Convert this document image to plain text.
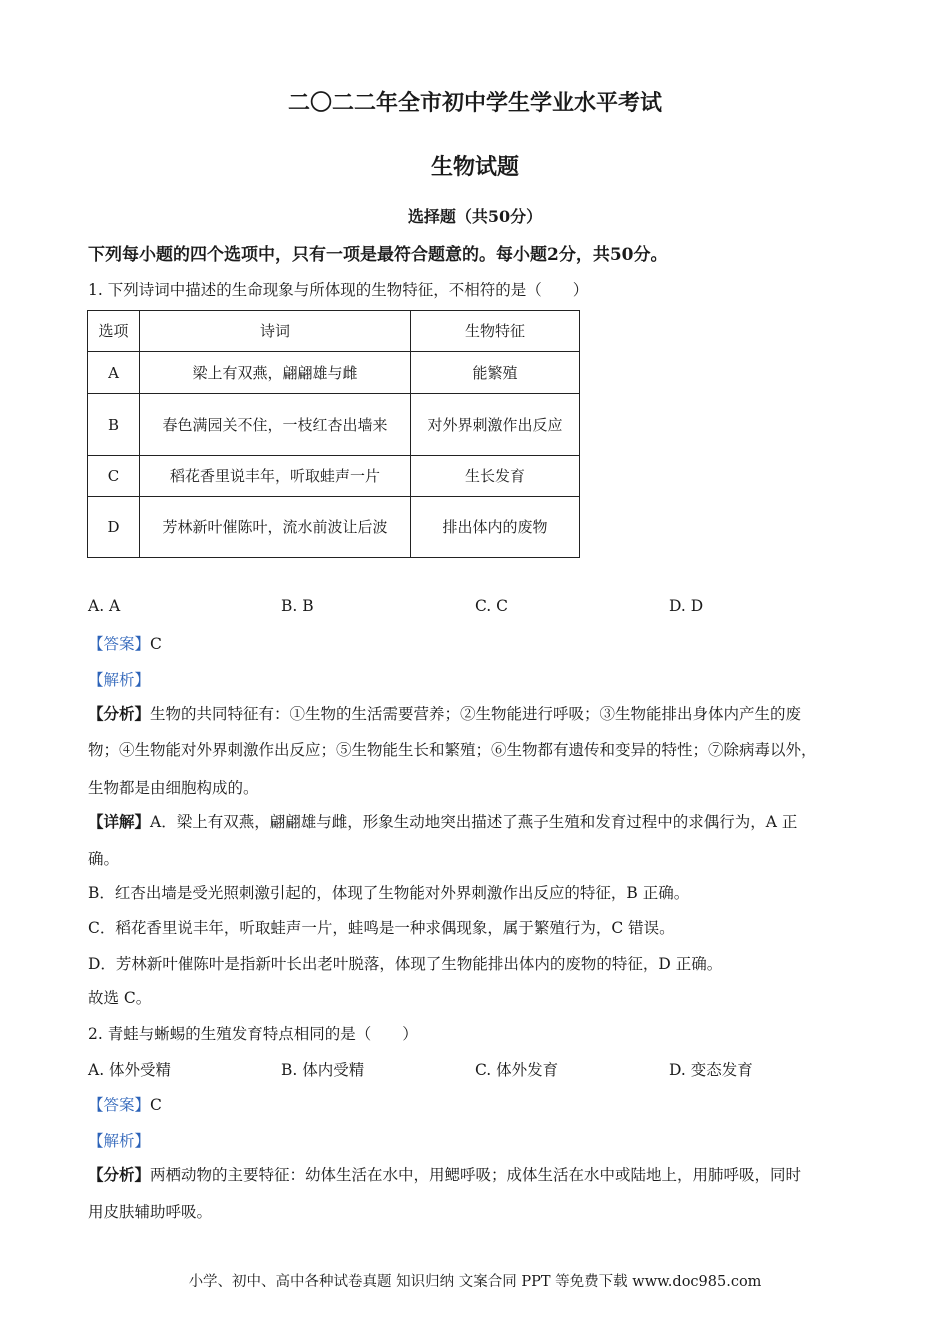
二〇二二年全市初中学生学业水平考试
生物试题
选择题（共50分）
下列每小题的四个选项中，只有一项是最符合题意的。每小题2分，共50分。
1. 下列诗词中描述的生命现象与所体现的生物特征，不相符的是（　　）
选项	诗词	生物特征
A	梁上有双燕，翩翩雄与雌	能繁殖
B	春色满园关不住，一枝红杏出墙来	对外界刺激作出反应
C	稻花香里说丰年，听取蛙声一片	生长发育
D	芳林新叶催陈叶，流水前波让后波	排出体内的废物
A. A	B. B	C. C	D. D
【答案】C
【解析】
【分析】生物的共同特征有：①生物的生活需要营养；②生物能进行呼吸；③生物能排出身体内产生的废
物；④生物能对外界刺激作出反应；⑤生物能生长和繁殖；⑥生物都有遗传和变异的特性；⑦除病毒以外，
生物都是由细胞构成的。
【详解】A．梁上有双燕，翩翩雄与雌，形象生动地突出描述了燕子生殖和发育过程中的求偶行为，A 正
确。
B．红杏出墙是受光照刺激引起的，体现了生物能对外界刺激作出反应的特征，B 正确。
C．稻花香里说丰年，听取蛙声一片，蛙鸣是一种求偶现象，属于繁殖行为，C 错误。
D．芳林新叶催陈叶是指新叶长出老叶脱落，体现了生物能排出体内的废物的特征，D 正确。
故选 C。
2. 青蛙与蜥蜴的生殖发育特点相同的是（　　）
A. 体外受精	B. 体内受精	C. 体外发育	D. 变态发育
【答案】C
【解析】
【分析】两栖动物的主要特征：幼体生活在水中，用鳃呼吸；成体生活在水中或陆地上，用肺呼吸，同时
用皮肤辅助呼吸。
小学、初中、高中各种试卷真题 知识归纳 文案合同 PPT 等免费下载 www.doc985.com
